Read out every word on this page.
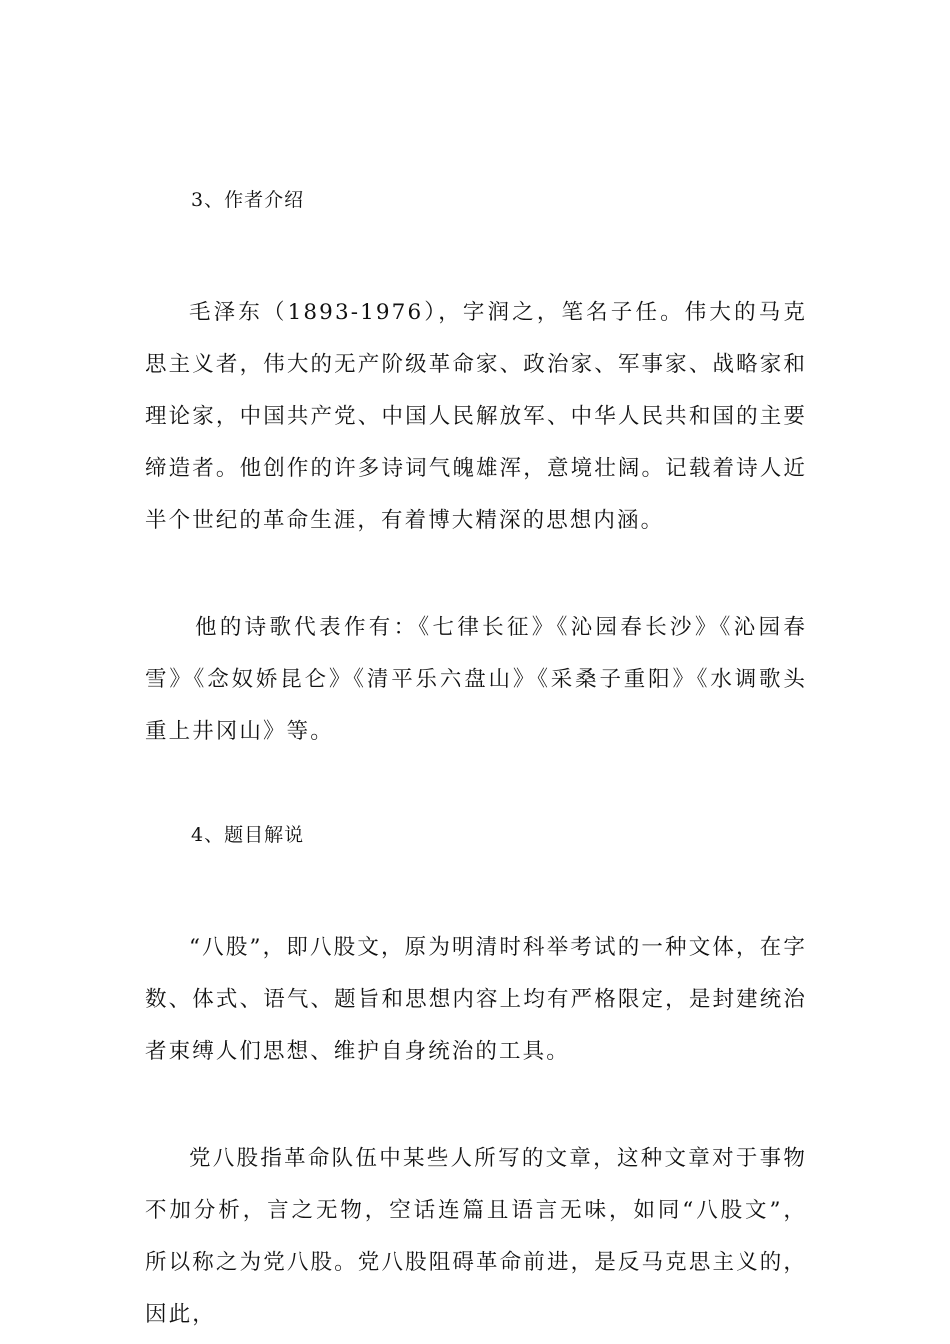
3、作者介绍

毛泽东（1893-1976），字润之，笔名子任。伟大的马克思主义者，伟大的无产阶级革命家、政治家、军事家、战略家和理论家，中国共产党、中国人民解放军、中华人民共和国的主要缔造者。他创作的许多诗词气魄雄浑，意境壮阔。记载着诗人近半个世纪的革命生涯，有着博大精深的思想内涵。

他的诗歌代表作有：《七律长征》《沁园春长沙》《沁园春雪》《念奴娇昆仑》《清平乐六盘山》《采桑子重阳》《水调歌头重上井冈山》等。

4、题目解说

“八股”，即八股文，原为明清时科举考试的一种文体，在字数、体式、语气、题旨和思想内容上均有严格限定，是封建统治者束缚人们思想、维护自身统治的工具。

党八股指革命队伍中某些人所写的文章，这种文章对于事物不加分析，言之无物，空话连篇且语言无味，如同“八股文”，所以称之为党八股。党八股阻碍革命前进，是反马克思主义的，因此，
